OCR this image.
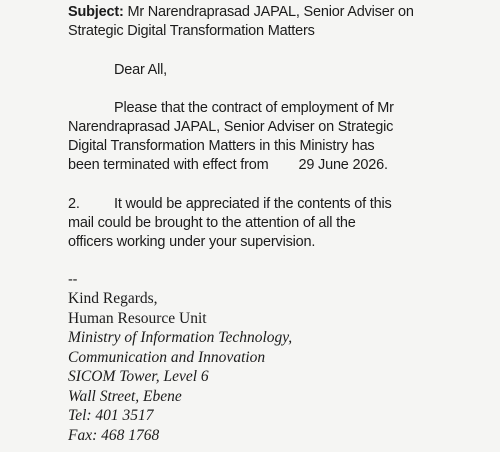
Subject: Mr Narendraprasad JAPAL, Senior Adviser on
Strategic Digital Transformation Matters
Dear All,
Please that the contract of employment of Mr
Narendraprasad JAPAL, Senior Adviser on Strategic
Digital Transformation Matters in this Ministry has
been terminated with effect from 29 June 2026.
2. It would be appreciated if the contents of this
mail could be brought to the attention of all the
officers working under your supervision.
--
Kind Regards,
Human Resource Unit
Ministry of Information Technology,
Communication and Innovation
SICOM Tower, Level 6
Wall Street, Ebene
Tel: 401 3517
Fax: 468 1768
